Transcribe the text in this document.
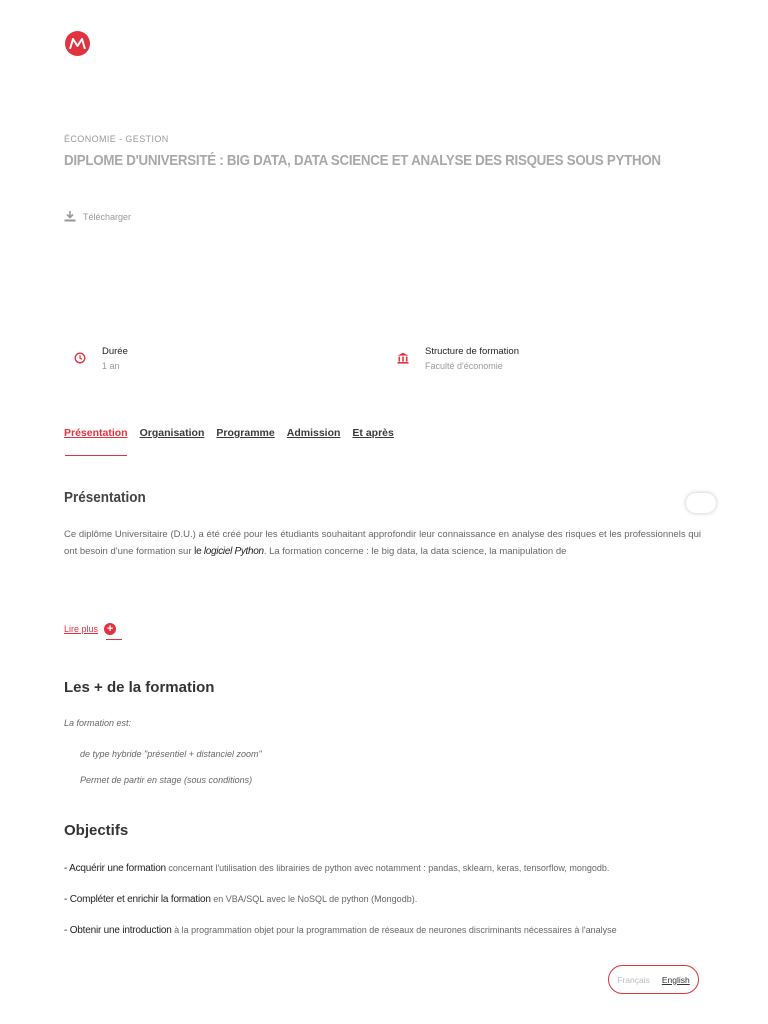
ÉCONOMIE - GESTION
DIPLOME D'UNIVERSITÉ : BIG DATA, DATA SCIENCE ET ANALYSE DES RISQUES SOUS PYTHON
Télécharger
Durée
1 an
Structure de formation
Faculté d'économie
Présentation Organisation Programme Admission Et après
Présentation

Ce diplôme Universitaire (D.U.) a été créé pour les étudiants souhaitant approfondir leur connaissance en analyse des risques et les professionnels qui ont besoin d'une formation sur le logiciel Python. La formation concerne : le big data, la data science, la manipulation de

Lire plus +
Les + de la formation
La formation est:
de type hybride "présentiel + distanciel zoom"
Permet de partir en stage (sous conditions)
Objectifs
- Acquérir une formation concernant l'utilisation des librairies de python avec notamment : pandas, sklearn, keras, tensorflow, mongodb.
- Compléter et enrichir la formation en VBA/SQL avec le NoSQL de python (Mongodb).
- Obtenir une introduction à la programmation objet pour la programmation de réseaux de neurones discriminants nécessaires à l'analyse
Français English
